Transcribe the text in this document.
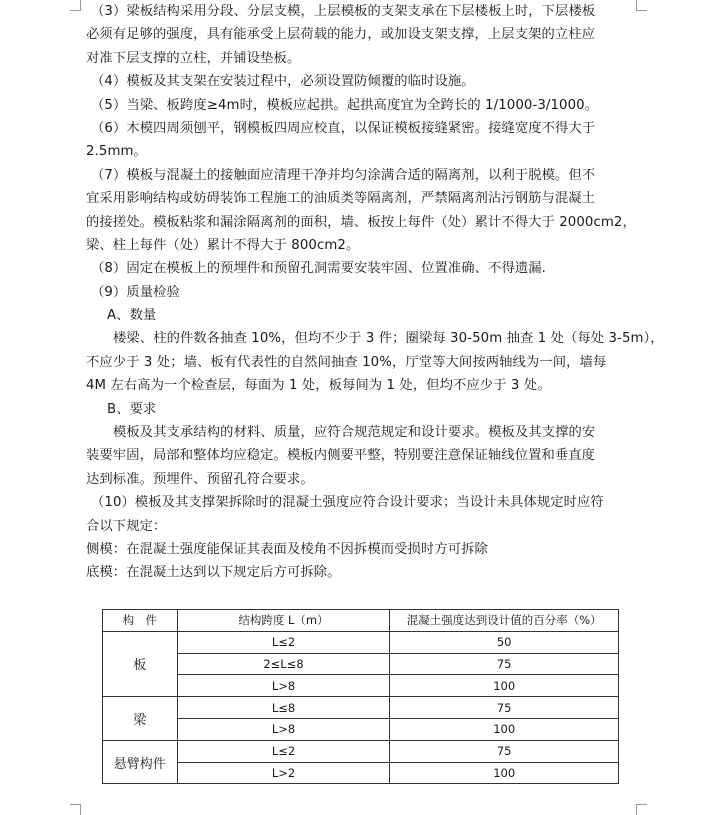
（3）梁板结构采用分段、分层支模，上层模板的支架支承在下层楼板上时，下层楼板
必须有足够的强度，具有能承受上层荷载的能力，或加设支架支撑，上层支架的立柱应
对准下层支撑的立柱，并铺设垫板。
（4）模板及其支架在安装过程中，必须设置防倾覆的临时设施。
（5）当梁、板跨度≥4m时，模板应起拱。起拱高度宜为全跨长的 1/1000-3/1000。
（6）木模四周须刨平，钢模板四周应校直，以保证模板接缝紧密。接缝宽度不得大于
2.5mm。
（7）模板与混凝土的接触面应清理干净并均匀涂满合适的隔离剂，以利于脱模。但不
宜采用影响结构或妨碍装饰工程施工的油质类等隔离剂，严禁隔离剂沾污钢筋与混凝土
的接搓处。模板粘浆和漏涂隔离剂的面积，墙、板按上每件（处）累计不得大于 2000cm2，
梁、柱上每件（处）累计不得大于 800cm2。
（8）固定在模板上的预埋件和预留孔洞需要安装牢固、位置准确、不得遗漏.
（9）质量检验
A、数量
楼梁、柱的件数各抽查 10%，但均不少于 3 件；圈梁每 30-50m 抽查 1 处（每处 3-5m），
不应少于 3 处；墙、板有代表性的自然间抽查 10%，厅堂等大间按两轴线为一间，墙每
4M 左右高为一个检查层，每面为 1 处，板每间为 1 处，但均不应少于 3 处。
B、要求
模板及其支承结构的材料、质量，应符合规范规定和设计要求。模板及其支撑的安
装要牢固，局部和整体均应稳定。模板内侧要平整，特别要注意保证轴线位置和垂直度
达到标准。预埋件、预留孔符合要求。
（10）模板及其支撑架拆除时的混凝土强度应符合设计要求；当设计未具体规定时应符
合以下规定：
侧模：在混凝土强度能保证其表面及棱角不因拆模而受损时方可拆除
底模：在混凝土达到以下规定后方可拆除。
构　件	结构跨度 L（m）	混凝土强度达到设计值的百分率（%）
板	L≤2	50
	2≤L≤8	75
	L>8	100
梁	L≤8	75
	L>8	100
悬臂构件	L≤2	75
	L>2	100
